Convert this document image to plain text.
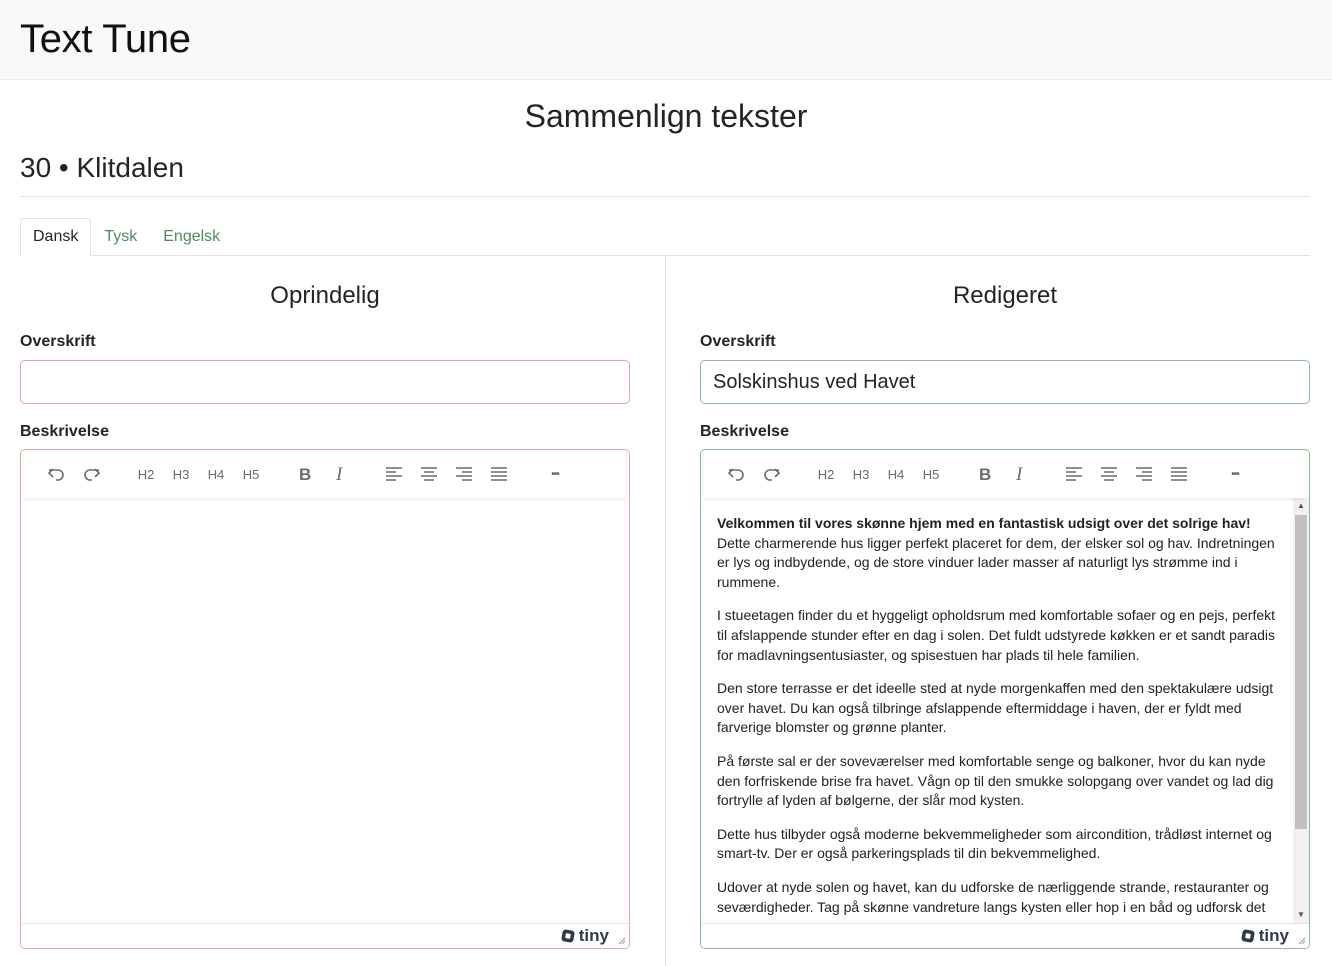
Text Tune
Sammenlign tekster
30 • Klitdalen
Dansk	Tysk	Engelsk
Oprindelig
Overskrift
Beskrivelse
H2	H3	H4	H5	B I	•••
tiny
Redigeret
Overskrift
Solskinshus ved Havet
Beskrivelse
H2	H3	H4	H5	B I	•••

Velkommen til vores skønne hjem med en fantastisk udsigt over det solrige hav!
Dette charmerende hus ligger perfekt placeret for dem, der elsker sol og hav. Indretningen er lys og indbydende, og de store vinduer lader masser af naturligt lys strømme ind i rummene.

I stueetagen finder du et hyggeligt opholdsrum med komfortable sofaer og en pejs, perfekt til afslappende stunder efter en dag i solen. Det fuldt udstyrede køkken er et sandt paradis for madlavningsentusiaster, og spisestuen har plads til hele familien.

Den store terrasse er det ideelle sted at nyde morgenkaffen med den spektakulære udsigt over havet. Du kan også tilbringe afslappende eftermiddage i haven, der er fyldt med farverige blomster og grønne planter.

På første sal er der soveværelser med komfortable senge og balkoner, hvor du kan nyde den forfriskende brise fra havet. Vågn op til den smukke solopgang over vandet og lad dig fortrylle af lyden af bølgerne, der slår mod kysten.

Dette hus tilbyder også moderne bekvemmeligheder som aircondition, trådløst internet og smart-tv. Der er også parkeringsplads til din bekvemmelighed.

Udover at nyde solen og havet, kan du udforske de nærliggende strande, restauranter og seværdigheder. Tag på skønne vandreture langs kysten eller hop i en båd og udforsk det

▲
▼
tiny
